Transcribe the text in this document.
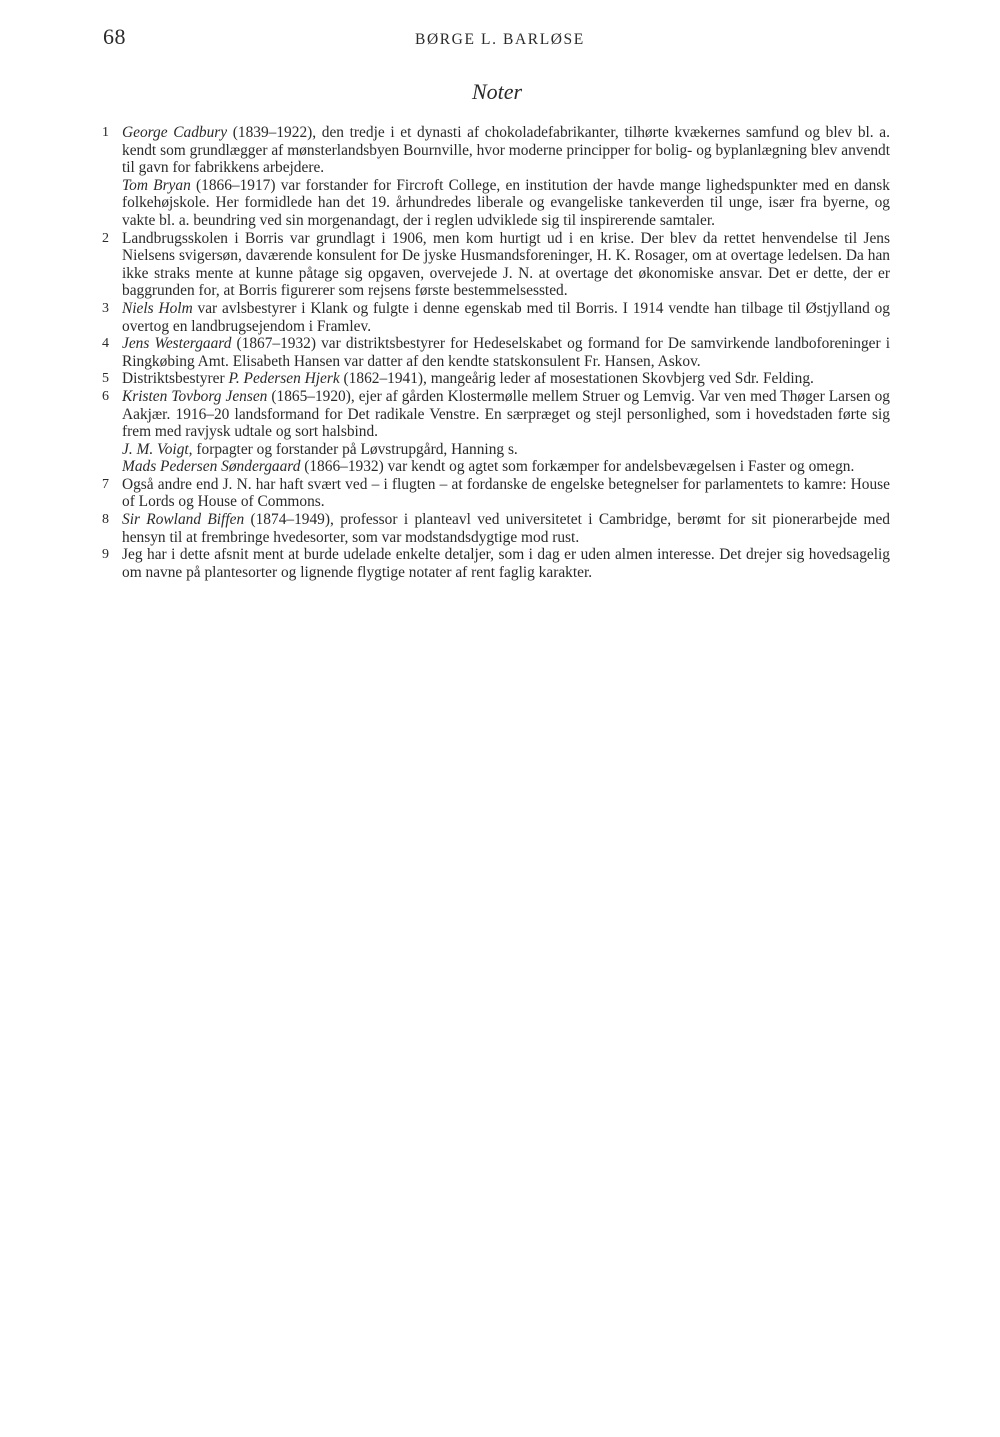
68	BØRGE L. BARLØSE
Noter
1 George Cadbury (1839–1922), den tredje i et dynasti af chokoladefabrikanter, tilhørte kvækernes samfund og blev bl. a. kendt som grundlægger af mønsterlandsbyen Bournville, hvor moderne principper for bolig- og byplanlægning blev anvendt til gavn for fabrikkens arbejdere.
Tom Bryan (1866–1917) var forstander for Fircroft College, en institution der havde mange lighedspunkter med en dansk folkehøjskole. Her formidlede han det 19. århundredes liberale og evangeliske tankeverden til unge, især fra byerne, og vakte bl. a. beundring ved sin morgenandagt, der i reglen udviklede sig til inspirerende samtaler.
2 Landbrugsskolen i Borris var grundlagt i 1906, men kom hurtigt ud i en krise. Der blev da rettet henvendelse til Jens Nielsens svigersøn, daværende konsulent for De jyske Husmandsforeninger, H. K. Rosager, om at overtage ledelsen. Da han ikke straks mente at kunne påtage sig opgaven, overvejede J. N. at overtage det økonomiske ansvar. Det er dette, der er baggrunden for, at Borris figurerer som rejsens første bestemmelsessted.
3 Niels Holm var avlsbestyrer i Klank og fulgte i denne egenskab med til Borris. I 1914 vendte han tilbage til Østjylland og overtog en landbrugsejendom i Framlev.
4 Jens Westergaard (1867–1932) var distriktsbestyrer for Hedeselskabet og formand for De samvirkende landboforeninger i Ringkøbing Amt. Elisabeth Hansen var datter af den kendte statskonsulent Fr. Hansen, Askov.
5 Distriktsbestyrer P. Pedersen Hjerk (1862–1941), mangeårig leder af mosestationen Skovbjerg ved Sdr. Felding.
6 Kristen Tovborg Jensen (1865–1920), ejer af gården Klostermølle mellem Struer og Lemvig. Var ven med Thøger Larsen og Aakjær. 1916–20 landsformand for Det radikale Venstre. En særpræget og stejl personlighed, som i hovedstaden førte sig frem med ravjysk udtale og sort halsbind.
J. M. Voigt, forpagter og forstander på Løvstrupgård, Hanning s.
Mads Pedersen Søndergaard (1866–1932) var kendt og agtet som forkæmper for andelsbevægelsen i Faster og omegn.
7 Også andre end J. N. har haft svært ved – i flugten – at fordanske de engelske betegnelser for parlamentets to kamre: House of Lords og House of Commons.
8 Sir Rowland Biffen (1874–1949), professor i planteavl ved universitetet i Cambridge, berømt for sit pionerarbejde med hensyn til at frembringe hvedesorter, som var modstandsdygtige mod rust.
9 Jeg har i dette afsnit ment at burde udelade enkelte detaljer, som i dag er uden almen interesse. Det drejer sig hovedsagelig om navne på plantesorter og lignende flygtige notater af rent faglig karakter.
